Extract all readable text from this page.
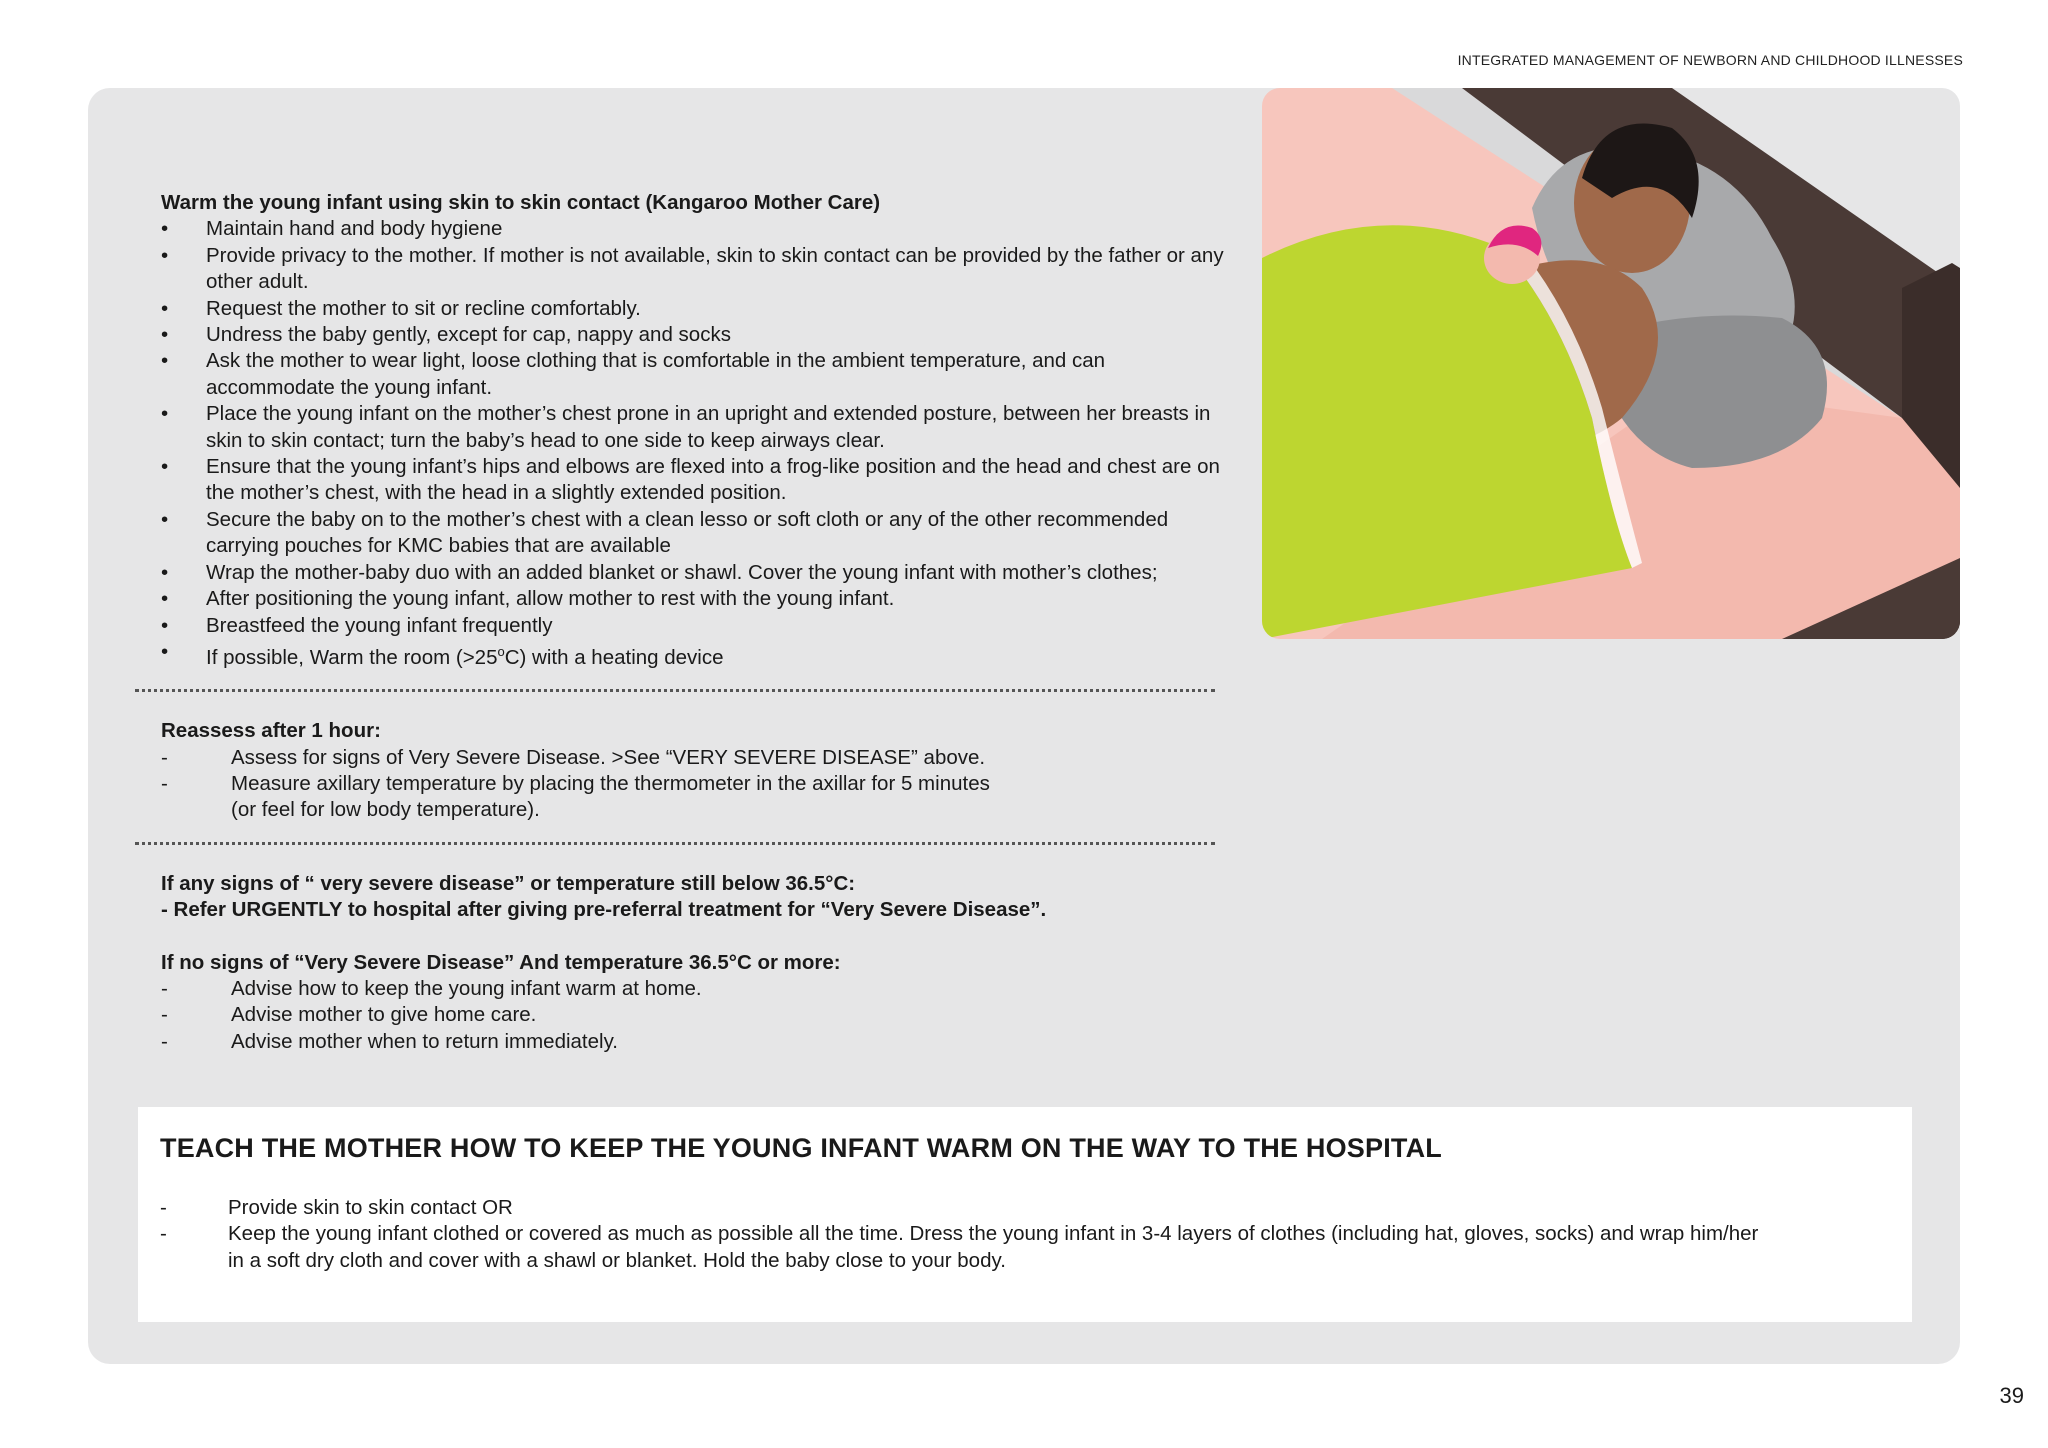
INTEGRATED MANAGEMENT OF NEWBORN AND CHILDHOOD ILLNESSES

Warm the young infant using skin to skin contact (Kangaroo Mother Care)

• Maintain hand and body hygiene
• Provide privacy to the mother. If mother is not available, skin to skin contact can be provided by the father or any other adult.
• Request the mother to sit or recline comfortably.
• Undress the baby gently, except for cap, nappy and socks
• Ask the mother to wear light, loose clothing that is comfortable in the ambient temperature, and can accommodate the young infant.
• Place the young infant on the mother’s chest prone in an upright and extended posture, between her breasts in skin to skin contact; turn the baby’s head to one side to keep airways clear.
• Ensure that the young infant’s hips and elbows are flexed into a frog-like position and the head and chest are on the mother’s chest, with the head in a slightly extended position.
• Secure the baby on to the mother’s chest with a clean lesso or soft cloth or any of the other recommended carrying pouches for KMC babies that are available
• Wrap the mother-baby duo with an added blanket or shawl. Cover the young infant with mother’s clothes;
• After positioning the young infant, allow mother to rest with the young infant.
• Breastfeed the young infant frequently
• If possible, Warm the room $(>25^oC)$ with a heating device

Reassess after 1 hour:

-	Assess for signs of Very Severe Disease. >See “VERY SEVERE DISEASE” above.
-	Measure axillary temperature by placing the thermometer in the axillar for 5 minutes (or feel for low body temperature).

If any signs of “ very severe disease” or temperature still below 36.5°C:

- Refer URGENTLY to hospital after giving pre-referral treatment for “Very Severe Disease”.

If no signs of “Very Severe Disease” And temperature 36.5°C or more:

-	Advise how to keep the young infant warm at home.
-	Advise mother to give home care.
-	Advise mother when to return immediately.

TEACH THE MOTHER HOW TO KEEP THE YOUNG INFANT WARM ON THE WAY TO THE HOSPITAL

-	Provide skin to skin contact OR
-	Keep the young infant clothed or covered as much as possible all the time. Dress the young infant in 3-4 layers of clothes (including hat, gloves, socks) and wrap him/her in a soft dry cloth and cover with a shawl or blanket. Hold the baby close to your body.
39
